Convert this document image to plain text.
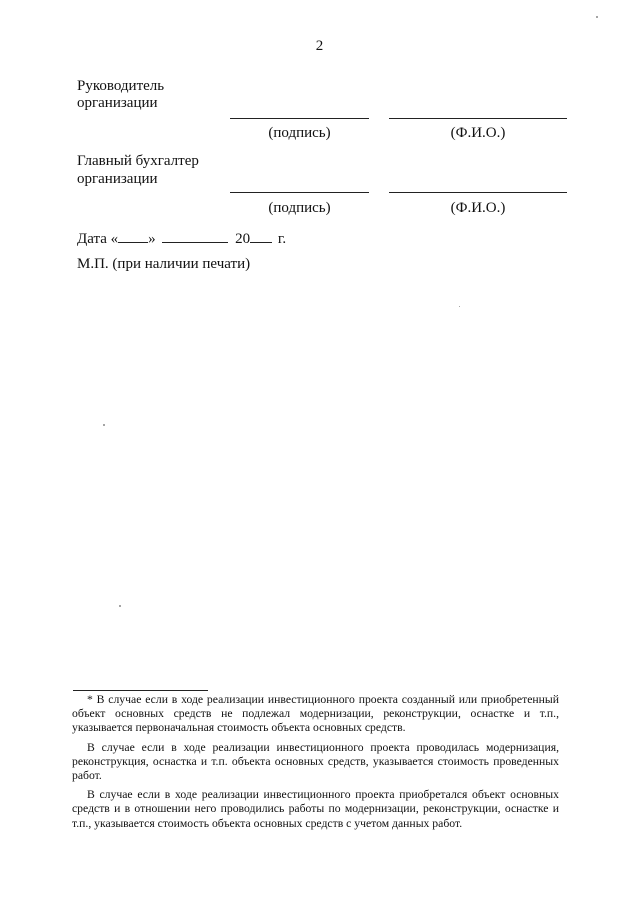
2
Руководитель
организации
(подпись)	(Ф.И.О.)
Главный бухгалтер
организации
(подпись)	(Ф.И.О.)
Дата « »	20 г.
М.П. (при наличии печати)

* В случае если в ходе реализации инвестиционного проекта созданный или приобретенный объект основных средств не подлежал модернизации, реконструкции, оснастке и т.п., указывается первоначальная стоимость объекта основных средств.

В случае если в ходе реализации инвестиционного проекта проводилась модернизация, реконструкция, оснастка и т.п. объекта основных средств, указывается стоимость проведенных работ.

В случае если в ходе реализации инвестиционного проекта приобретался объект основных средств и в отношении него проводились работы по модернизации, реконструкции, оснастке и т.п., указывается стоимость объекта основных средств с учетом данных работ.
